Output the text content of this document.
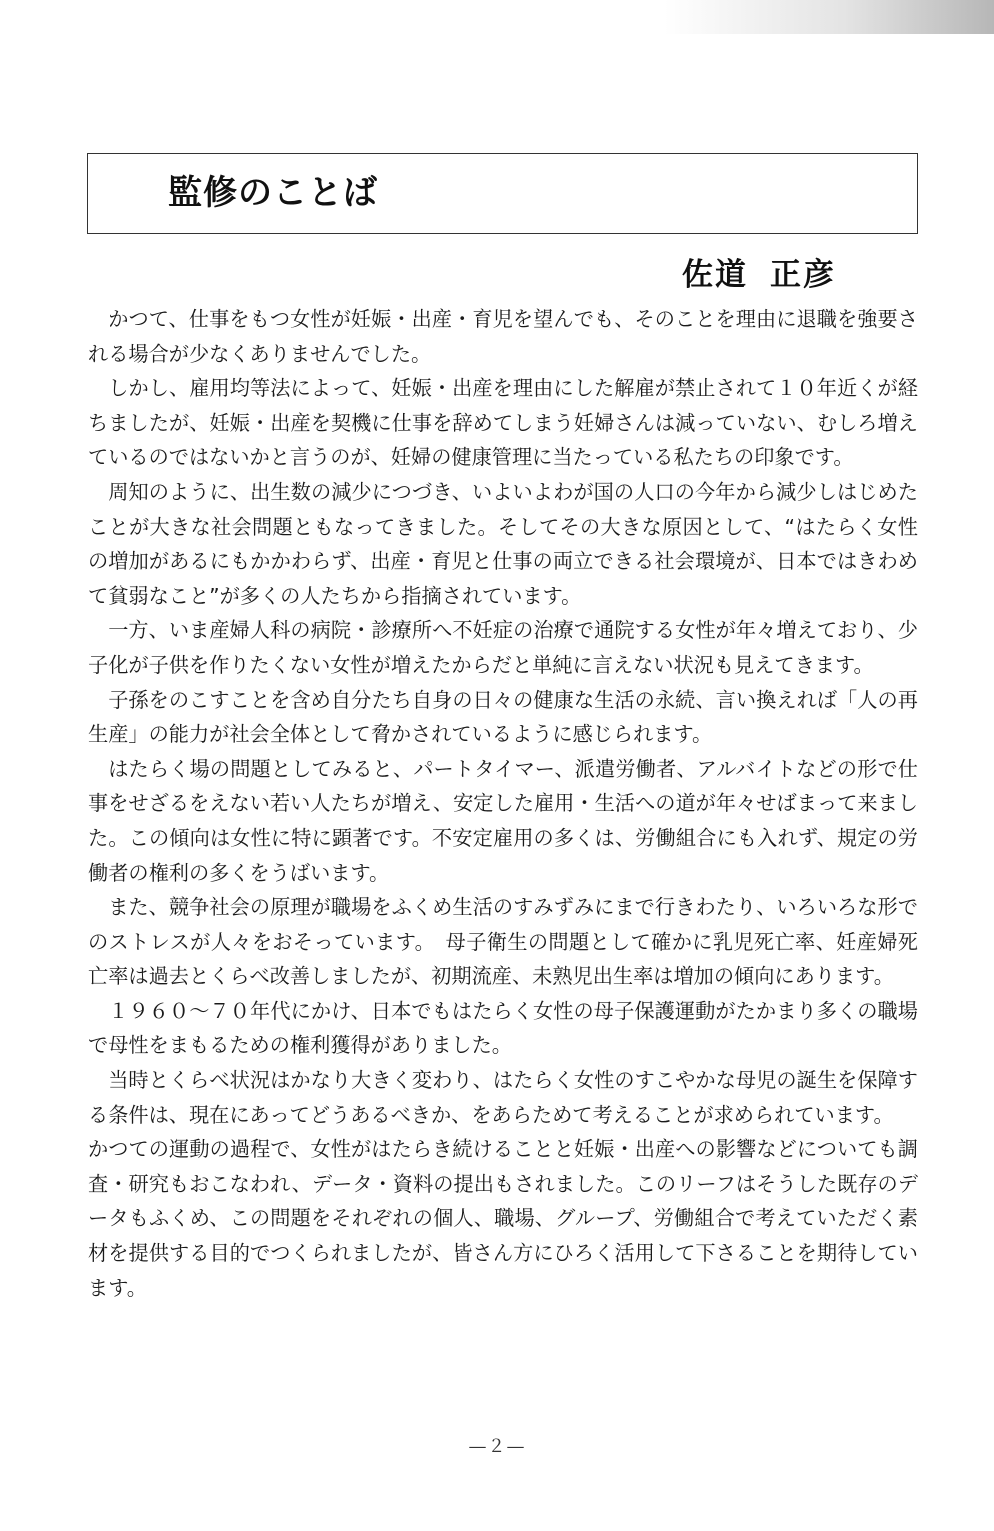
監修のことば
佐道 正彦

かつて、仕事をもつ女性が妊娠・出産・育児を望んでも、そのことを理由に退職を強要される場合が少なくありませんでした。

しかし、雇用均等法によって、妊娠・出産を理由にした解雇が禁止されて１０年近くが経ちましたが、妊娠・出産を契機に仕事を辞めてしまう妊婦さんは減っていない、むしろ増えているのではないかと言うのが、妊婦の健康管理に当たっている私たちの印象です。

周知のように、出生数の減少につづき、いよいよわが国の人口の今年から減少しはじめたことが大きな社会問題ともなってきました。そしてその大きな原因として、“はたらく女性の増加があるにもかかわらず、出産・育児と仕事の両立できる社会環境が、日本ではきわめて貧弱なこと”が多くの人たちから指摘されています。

一方、いま産婦人科の病院・診療所へ不妊症の治療で通院する女性が年々増えており、少子化が子供を作りたくない女性が増えたからだと単純に言えない状況も見えてきます。

子孫をのこすことを含め自分たち自身の日々の健康な生活の永続、言い換えれば「人の再生産」の能力が社会全体として脅かされているように感じられます。

はたらく場の問題としてみると、パートタイマー、派遣労働者、アルバイトなどの形で仕事をせざるをえない若い人たちが増え、安定した雇用・生活への道が年々せばまって来ました。この傾向は女性に特に顕著です。不安定雇用の多くは、労働組合にも入れず、規定の労働者の権利の多くをうばいます。

また、競争社会の原理が職場をふくめ生活のすみずみにまで行きわたり、いろいろな形でのストレスが人々をおそっています。　母子衛生の問題として確かに乳児死亡率、妊産婦死亡率は過去とくらべ改善しましたが、初期流産、未熟児出生率は増加の傾向にあります。

１９６０～７０年代にかけ、日本でもはたらく女性の母子保護運動がたかまり多くの職場で母性をまもるための権利獲得がありました。

当時とくらべ状況はかなり大きく変わり、はたらく女性のすこやかな母児の誕生を保障する条件は、現在にあってどうあるべきか、をあらためて考えることが求められています。

かつての運動の過程で、女性がはたらき続けることと妊娠・出産への影響などについても調査・研究もおこなわれ、データ・資料の提出もされました。このリーフはそうした既存のデータもふくめ、この問題をそれぞれの個人、職場、グループ、労働組合で考えていただく素材を提供する目的でつくられましたが、皆さん方にひろく活用して下さることを期待しています。

—２—
